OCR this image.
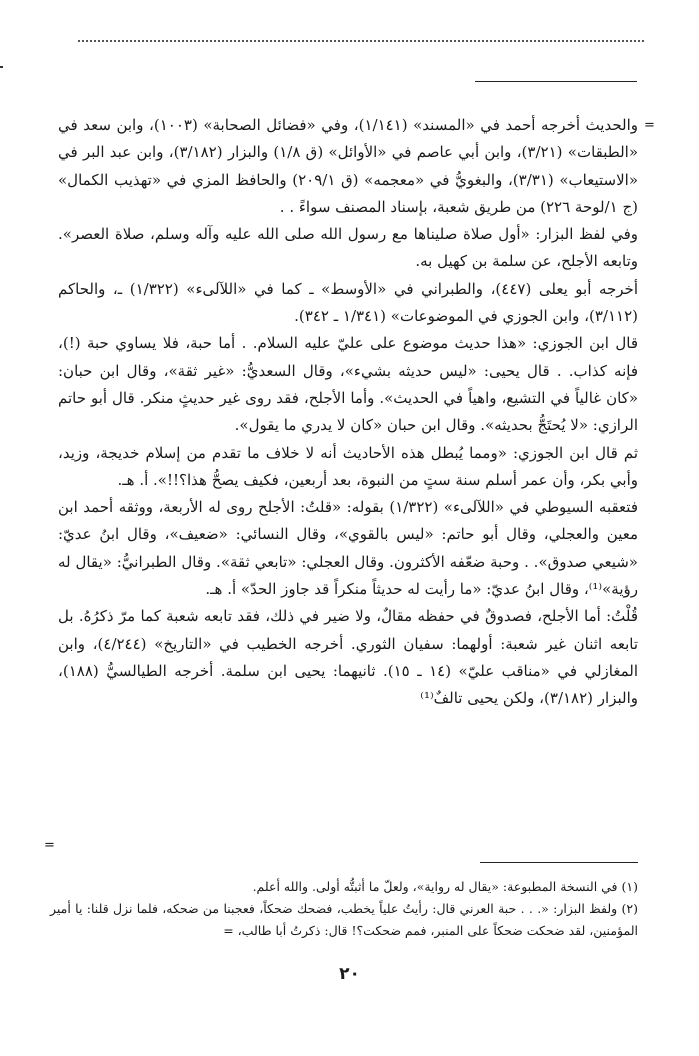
=

والحديث أخرجه أحمد في «المسند» (١/١٤١)، وفي «فضائل الصحابة» (١٠٠٣)، وابن سعد في «الطبقات» (٣/٢١)، وابن أبي عاصم في «الأوائل» (ق ١/٨) والبزار (٣/١٨٢)، وابن عبد البر في «الاستيعاب» (٣/٣١)، والبغويُّ في «معجمه» (ق ٢٠٩/١) والحافظ المزي في «تهذيب الكمال» (ج ١/لوحة ٢٢٦) من طريق شعبة، بإسناد المصنف سواءً . .

وفي لفظ البزار: «أول صلاة صليناها مع رسول الله صلى الله عليه وآله وسلم، صلاة العصر». وتابعه الأجلح، عن سلمة بن كهيل به.

أخرجه أبو يعلى (٤٤٧)، والطبراني في «الأوسط» ـ كما في «اللآلىء» (١/٣٢٢) ـ، والحاكم (٣/١١٢)، وابن الجوزي في الموضوعات» (١/٣٤١ ـ ٣٤٢).

قال ابن الجوزي: «هذا حديث موضوع على عليّ عليه السلام. . أما حبة، فلا يساوي حبة (!)، فإنه كذاب. . قال يحيى: «ليس حديثه بشيء»، وقال السعديُّ: «غير ثقة»، وقال ابن حبان: «كان غالياً في التشيع، واهياً في الحديث». وأما الأجلح، فقد روى غير حديثٍ منكر. قال أبو حاتم الرازي: «لا يُحتَجُّ بحديثه». وقال ابن حبان «كان لا يدري ما يقول».

ثم قال ابن الجوزي: «ومما يُبطل هذه الأحاديث أنه لا خلاف ما تقدم من إسلام خديجة، وزيد، وأبي بكر، وأن عمر أسلم سنة ستٍ من النبوة، بعد أربعين، فكيف يصحُّ هذا؟!!». أ. هـ.

فتعقبه السيوطي في «اللآلىء» (١/٣٢٢) بقوله: «قلتُ: الأجلح روى له الأربعة، ووثقه أحمد ابن معين والعجلي، وقال أبو حاتم: «ليس بالقوي»، وقال النسائي: «ضعيف»، وقال ابنُ عديّ: «شيعي صدوق». . وحبة ضعّفه الأكثرون. وقال العجلي: «تابعي ثقة». وقال الطبرانيُّ: «يقال له رؤية»⁽¹⁾، وقال ابنُ عديّ: «ما رأيت له حديثاً منكراً قد جاوز الحدّ» أ. هـ.

قُلْتُ: أما الأجلح، فصدوقٌ في حفظه مقالٌ، ولا ضير في ذلك، فقد تابعه شعبة كما مرّ ذكرُهُ. بل تابعه اثنان غير شعبة: أولهما: سفيان الثوري. أخرجه الخطيب في «التاريخ» (٤/٢٤٤)، وابن المغازلي في «مناقب عليّ» (١٤ ـ ١٥). ثانيهما: يحيى ابن سلمة. أخرجه الطيالسيُّ (١٨٨)، والبزار (٣/١٨٢)، ولكن يحيى تالفٌ⁽¹⁾

=

(١) في النسخة المطبوعة: «يقال له رواية»، ولعلّ ما أثبتُّه أولى. والله أعلم.

(٢) ولفظ البزار: «. . . حبة العرني قال: رأيتُ علياً يخطب، فضحك ضحكاً، فعجبنا من ضحكه، فلما نزل قلنا: يا أمير المؤمنين، لقد ضحكت ضحكاً على المنبر، فمم ضحكت؟! قال: ذكرتُ أبا طالب، =

٢٠
